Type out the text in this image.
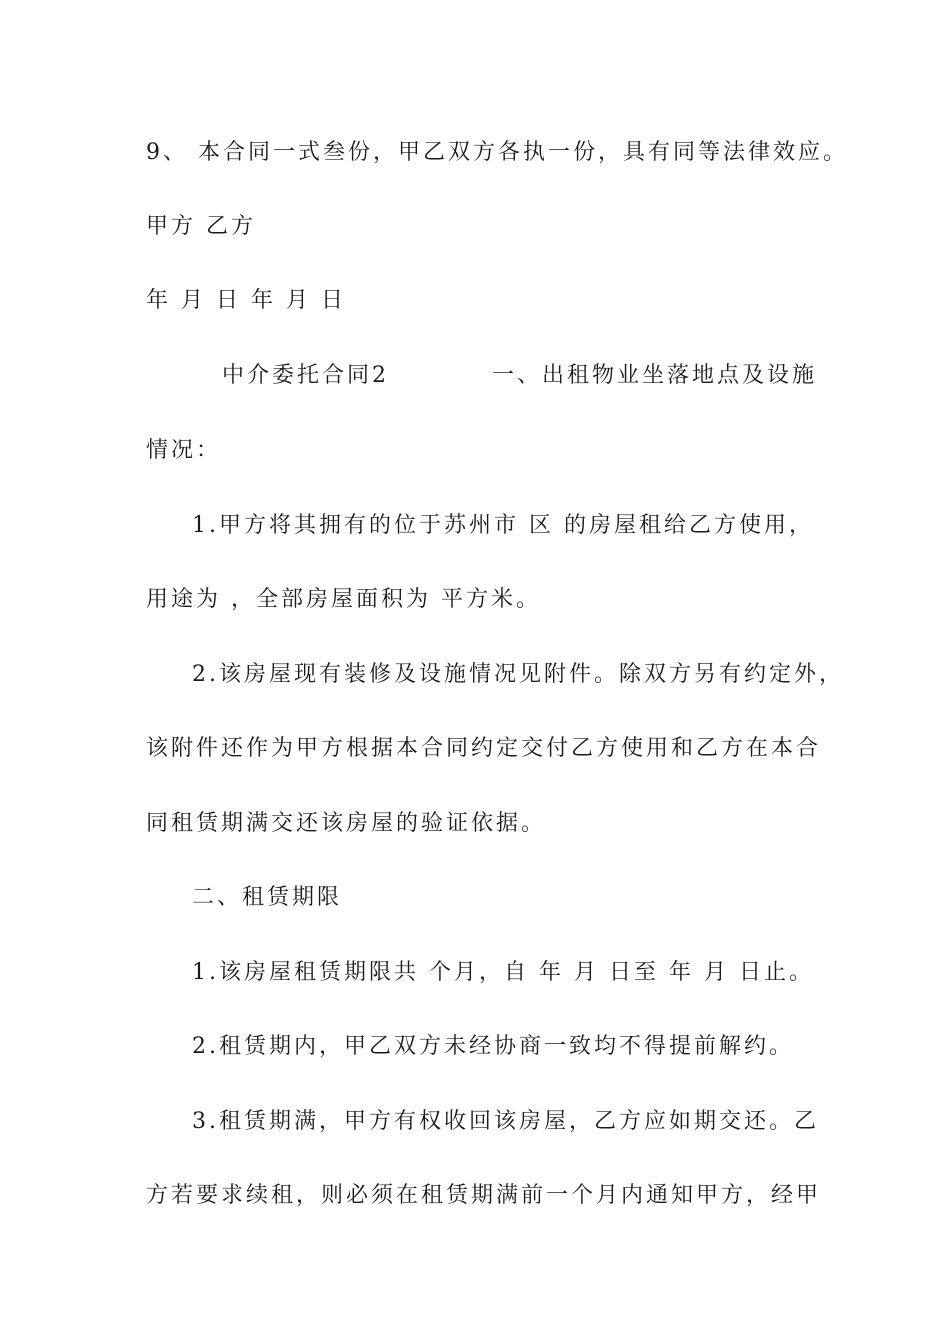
9、 本合同一式叁份，甲乙双方各执一份，具有同等法律效应。
甲方 乙方
年 月 日 年 月 日
中介委托合同2	一、出租物业坐落地点及设施
情况：
1.甲方将其拥有的位于苏州市 区 的房屋租给乙方使用，
用途为 ，全部房屋面积为 平方米。
2.该房屋现有装修及设施情况见附件。除双方另有约定外，
该附件还作为甲方根据本合同约定交付乙方使用和乙方在本合
同租赁期满交还该房屋的验证依据。
二、租赁期限
1.该房屋租赁期限共 个月，自 年 月 日至 年 月 日止。
2.租赁期内，甲乙双方未经协商一致均不得提前解约。
3.租赁期满，甲方有权收回该房屋，乙方应如期交还。乙
方若要求续租，则必须在租赁期满前一个月内通知甲方，经甲
